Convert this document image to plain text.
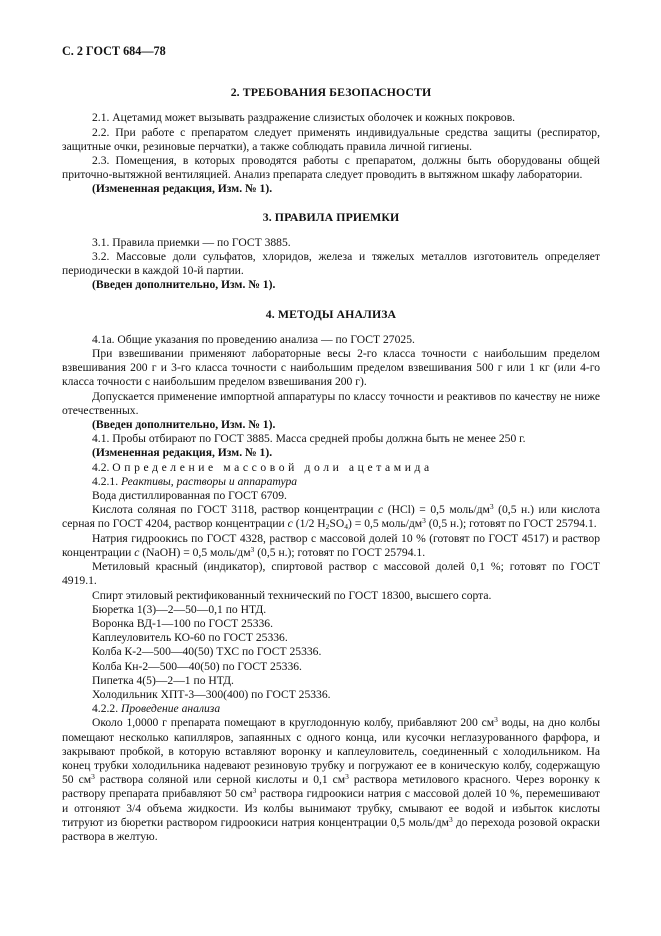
С. 2 ГОСТ 684—78
2. ТРЕБОВАНИЯ БЕЗОПАСНОСТИ

2.1. Ацетамид может вызывать раздражение слизистых оболочек и кожных покровов.

2.2. При работе с препаратом следует применять индивидуальные средства защиты (респиратор, защитные очки, резиновые перчатки), а также соблюдать правила личной гигиены.

2.3. Помещения, в которых проводятся работы с препаратом, должны быть оборудованы общей приточно-вытяжной вентиляцией. Анализ препарата следует проводить в вытяжном шкафу лаборатории.

(Измененная редакция, Изм. № 1).

3. ПРАВИЛА ПРИЕМКИ

3.1. Правила приемки — по ГОСТ 3885.

3.2. Массовые доли сульфатов, хлоридов, железа и тяжелых металлов изготовитель определяет периодически в каждой 10-й партии.

(Введен дополнительно, Изм. № 1).

4. МЕТОДЫ АНАЛИЗА

4.1а. Общие указания по проведению анализа — по ГОСТ 27025.

При взвешивании применяют лабораторные весы 2-го класса точности с наибольшим пределом взвешивания 200 г и 3-го класса точности с наибольшим пределом взвешивания 500 г или 1 кг (или 4-го класса точности с наибольшим пределом взвешивания 200 г).

Допускается применение импортной аппаратуры по классу точности и реактивов по качеству не ниже отечественных.

(Введен дополнительно, Изм. № 1).

4.1. Пробы отбирают по ГОСТ 3885. Масса средней пробы должна быть не менее 250 г.

(Измененная редакция, Изм. № 1).

4.2. Определение массовой доли ацетамида

4.2.1. Реактивы, растворы и аппаратура

Вода дистиллированная по ГОСТ 6709.

Кислота соляная по ГОСТ 3118, раствор концентрации c (HCl) = 0,5 моль/$дм^3$ (0,5 н.) или кислота серная по ГОСТ 4204, раствор концентрации c (1/2 $H_2SO_4) = 0,5$ моль/$дм^3$ (0,5 н.); готовят по ГОСТ 25794.1.

Натрия гидроокись по ГОСТ 4328, раствор с массовой долей 10 % (готовят по ГОСТ 4517) и раствор концентрации c (NaOH) = 0,5 моль/$дм^3$ (0,5 н.); готовят по ГОСТ 25794.1.

Метиловый красный (индикатор), спиртовой раствор с массовой долей 0,1 %; готовят по ГОСТ 4919.1.

Спирт этиловый ректификованный технический по ГОСТ 18300, высшего сорта.

Бюретка 1(3)—2—50—0,1 по НТД.

Воронка ВД-1—100 по ГОСТ 25336.

Каплеуловитель КО-60 по ГОСТ 25336.

Колба К-2—500—40(50) ТХС по ГОСТ 25336.

Колба Кн-2—500—40(50) по ГОСТ 25336.

Пипетка 4(5)—2—1 по НТД.

Холодильник ХПТ-3—300(400) по ГОСТ 25336.

4.2.2. Проведение анализа

Около 1,0000 г препарата помещают в круглодонную колбу, прибавляют 200 $см^3$ воды, на дно колбы помещают несколько капилляров, запаянных с одного конца, или кусочки неглазурованного фарфора, и закрывают пробкой, в которую вставляют воронку и каплеуловитель, соединенный с холодильником. На конец трубки холодильника надевают резиновую трубку и погружают ее в коническую колбу, содержащую 50 $см^3$ раствора соляной или серной кислоты и 0,1 $см^3$ раствора метилового красного. Через воронку к раствору препарата прибавляют 50 $см^3$ раствора гидроокиси натрия с массовой долей 10 %, перемешивают и отгоняют 3/4 объема жидкости. Из колбы вынимают трубку, смывают ее водой и избыток кислоты титруют из бюретки раствором гидроокиси натрия концентрации 0,5 моль/$дм^3$ до перехода розовой окраски раствора в желтую.
